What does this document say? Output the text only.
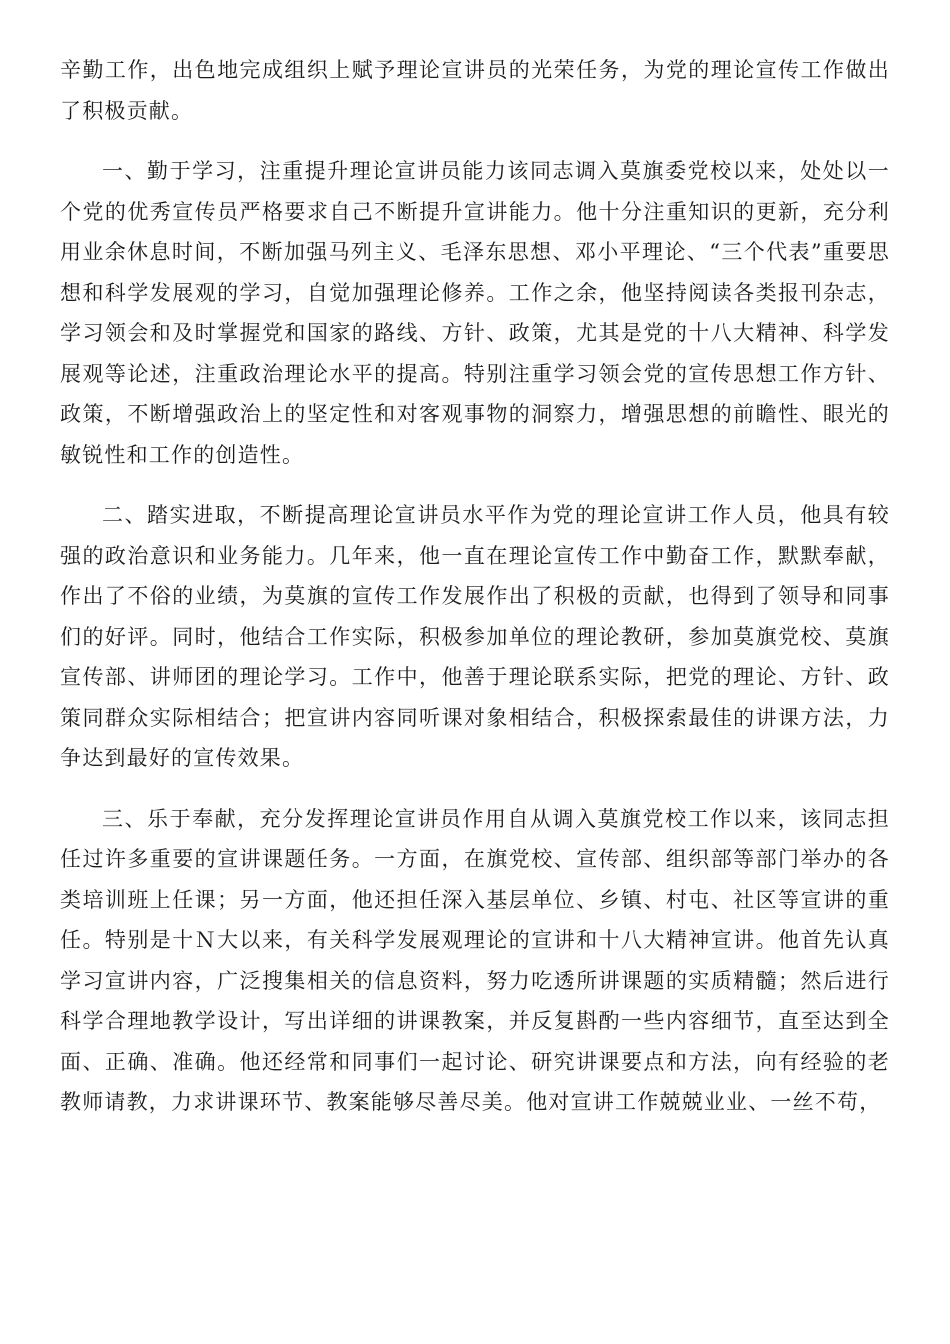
辛勤工作，出色地完成组织上赋予理论宣讲员的光荣任务，为党的理论宣传工作做出了积极贡献。

一、勤于学习，注重提升理论宣讲员能力该同志调入莫旗委党校以来，处处以一个党的优秀宣传员严格要求自己不断提升宣讲能力。他十分注重知识的更新，充分利用业余休息时间，不断加强马列主义、毛泽东思想、邓小平理论、“三个代表”重要思想和科学发展观的学习，自觉加强理论修养。工作之余，他坚持阅读各类报刊杂志，学习领会和及时掌握党和国家的路线、方针、政策，尤其是党的十八大精神、科学发展观等论述，注重政治理论水平的提高。特别注重学习领会党的宣传思想工作方针、政策，不断增强政治上的坚定性和对客观事物的洞察力，增强思想的前瞻性、眼光的敏锐性和工作的创造性。

二、踏实进取，不断提高理论宣讲员水平作为党的理论宣讲工作人员，他具有较强的政治意识和业务能力。几年来，他一直在理论宣传工作中勤奋工作，默默奉献，作出了不俗的业绩，为莫旗的宣传工作发展作出了积极的贡献，也得到了领导和同事们的好评。同时，他结合工作实际，积极参加单位的理论教研，参加莫旗党校、莫旗宣传部、讲师团的理论学习。工作中，他善于理论联系实际，把党的理论、方针、政策同群众实际相结合；把宣讲内容同听课对象相结合，积极探索最佳的讲课方法，力争达到最好的宣传效果。

三、乐于奉献，充分发挥理论宣讲员作用自从调入莫旗党校工作以来，该同志担任过许多重要的宣讲课题任务。一方面，在旗党校、宣传部、组织部等部门举办的各类培训班上任课；另一方面，他还担任深入基层单位、乡镇、村屯、社区等宣讲的重任。特别是十Ｎ大以来，有关科学发展观理论的宣讲和十八大精神宣讲。他首先认真学习宣讲内容，广泛搜集相关的信息资料，努力吃透所讲课题的实质精髓；然后进行科学合理地教学设计，写出详细的讲课教案，并反复斟酌一些内容细节，直至达到全面、正确、准确。他还经常和同事们一起讨论、研究讲课要点和方法，向有经验的老教师请教，力求讲课环节、教案能够尽善尽美。他对宣讲工作兢兢业业、一丝不苟，
